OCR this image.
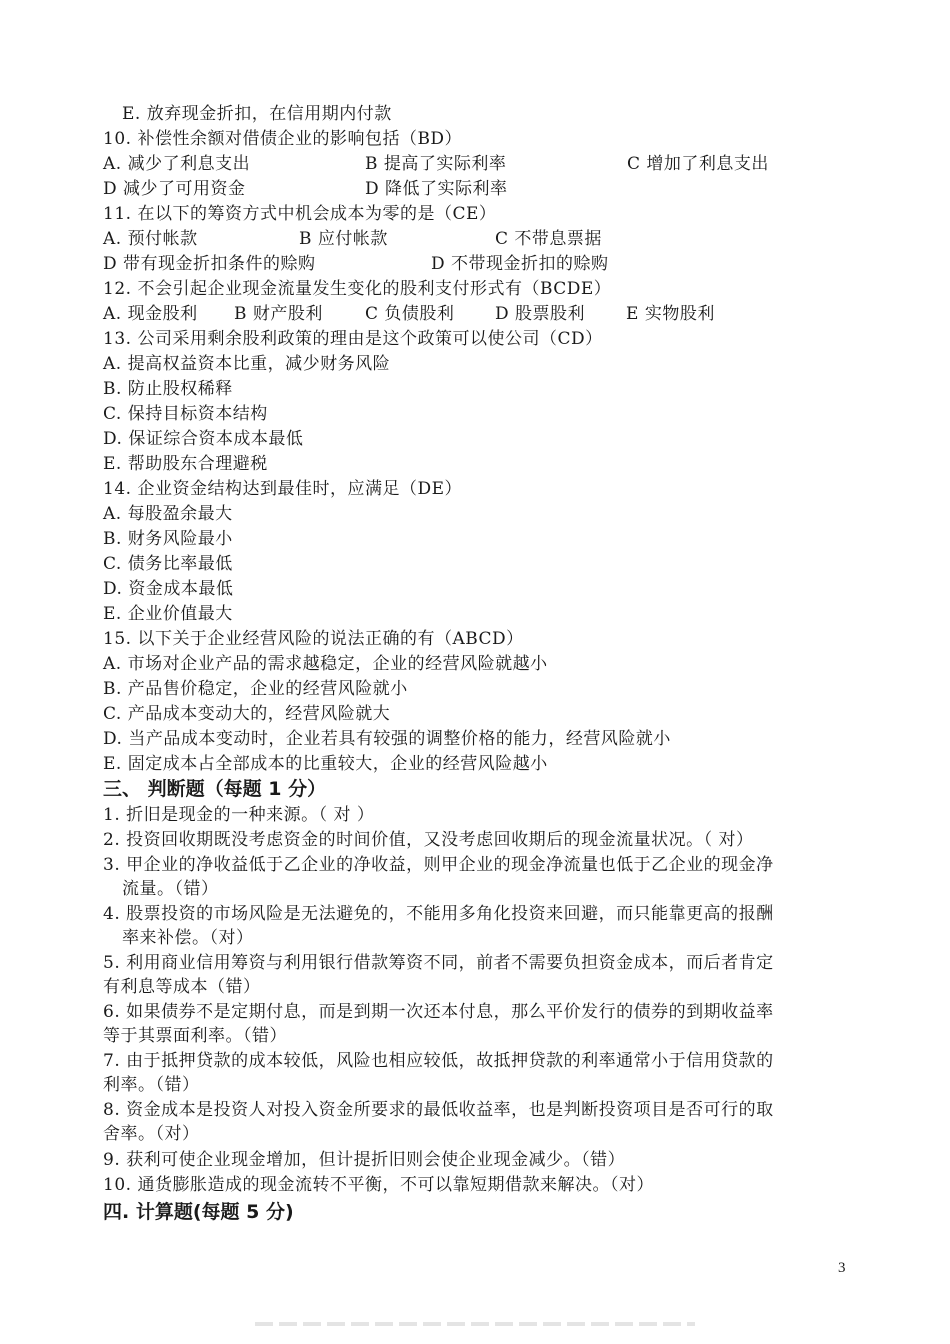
E. 放弃现金折扣，在信用期内付款
10. 补偿性余额对借债企业的影响包括（BD）
A. 减少了利息支出	B 提高了实际利率	C 增加了利息支出
D 减少了可用资金	D 降低了实际利率
11. 在以下的筹资方式中机会成本为零的是（CE）
A. 预付帐款	B 应付帐款	C 不带息票据
D 带有现金折扣条件的赊购	D 不带现金折扣的赊购
12. 不会引起企业现金流量发生变化的股利支付形式有（BCDE）
A. 现金股利 B 财产股利 C 负债股利 D 股票股利 E 实物股利
13. 公司采用剩余股利政策的理由是这个政策可以使公司（CD）
A. 提高权益资本比重，减少财务风险
B. 防止股权稀释
C. 保持目标资本结构
D. 保证综合资本成本最低
E. 帮助股东合理避税
14. 企业资金结构达到最佳时，应满足（DE）
A. 每股盈余最大
B. 财务风险最小
C. 债务比率最低
D. 资金成本最低
E. 企业价值最大
15. 以下关于企业经营风险的说法正确的有（ABCD）
A. 市场对企业产品的需求越稳定，企业的经营风险就越小
B. 产品售价稳定，企业的经营风险就小
C. 产品成本变动大的，经营风险就大
D. 当产品成本变动时，企业若具有较强的调整价格的能力，经营风险就小
E. 固定成本占全部成本的比重较大，企业的经营风险越小
三、 判断题（每题 1 分）
1. 折旧是现金的一种来源。（ 对 ）
2. 投资回收期既没考虑资金的时间价值，又没考虑回收期后的现金流量状况。（ 对）
3. 甲企业的净收益低于乙企业的净收益，则甲企业的现金净流量也低于乙企业的现金净
流量。（错）
4. 股票投资的市场风险是无法避免的，不能用多角化投资来回避，而只能靠更高的报酬
率来补偿。（对）
5. 利用商业信用筹资与利用银行借款筹资不同，前者不需要负担资金成本，而后者肯定
有利息等成本（错）
6. 如果债券不是定期付息，而是到期一次还本付息，那么平价发行的债券的到期收益率
等于其票面利率。（错）
7. 由于抵押贷款的成本较低，风险也相应较低，故抵押贷款的利率通常小于信用贷款的
利率。（错）
8. 资金成本是投资人对投入资金所要求的最低收益率，也是判断投资项目是否可行的取
舍率。（对）
9. 获利可使企业现金增加，但计提折旧则会使企业现金减少。（错）
10. 通货膨胀造成的现金流转不平衡，不可以靠短期借款来解决。（对）
四. 计算题(每题 5 分)
3
